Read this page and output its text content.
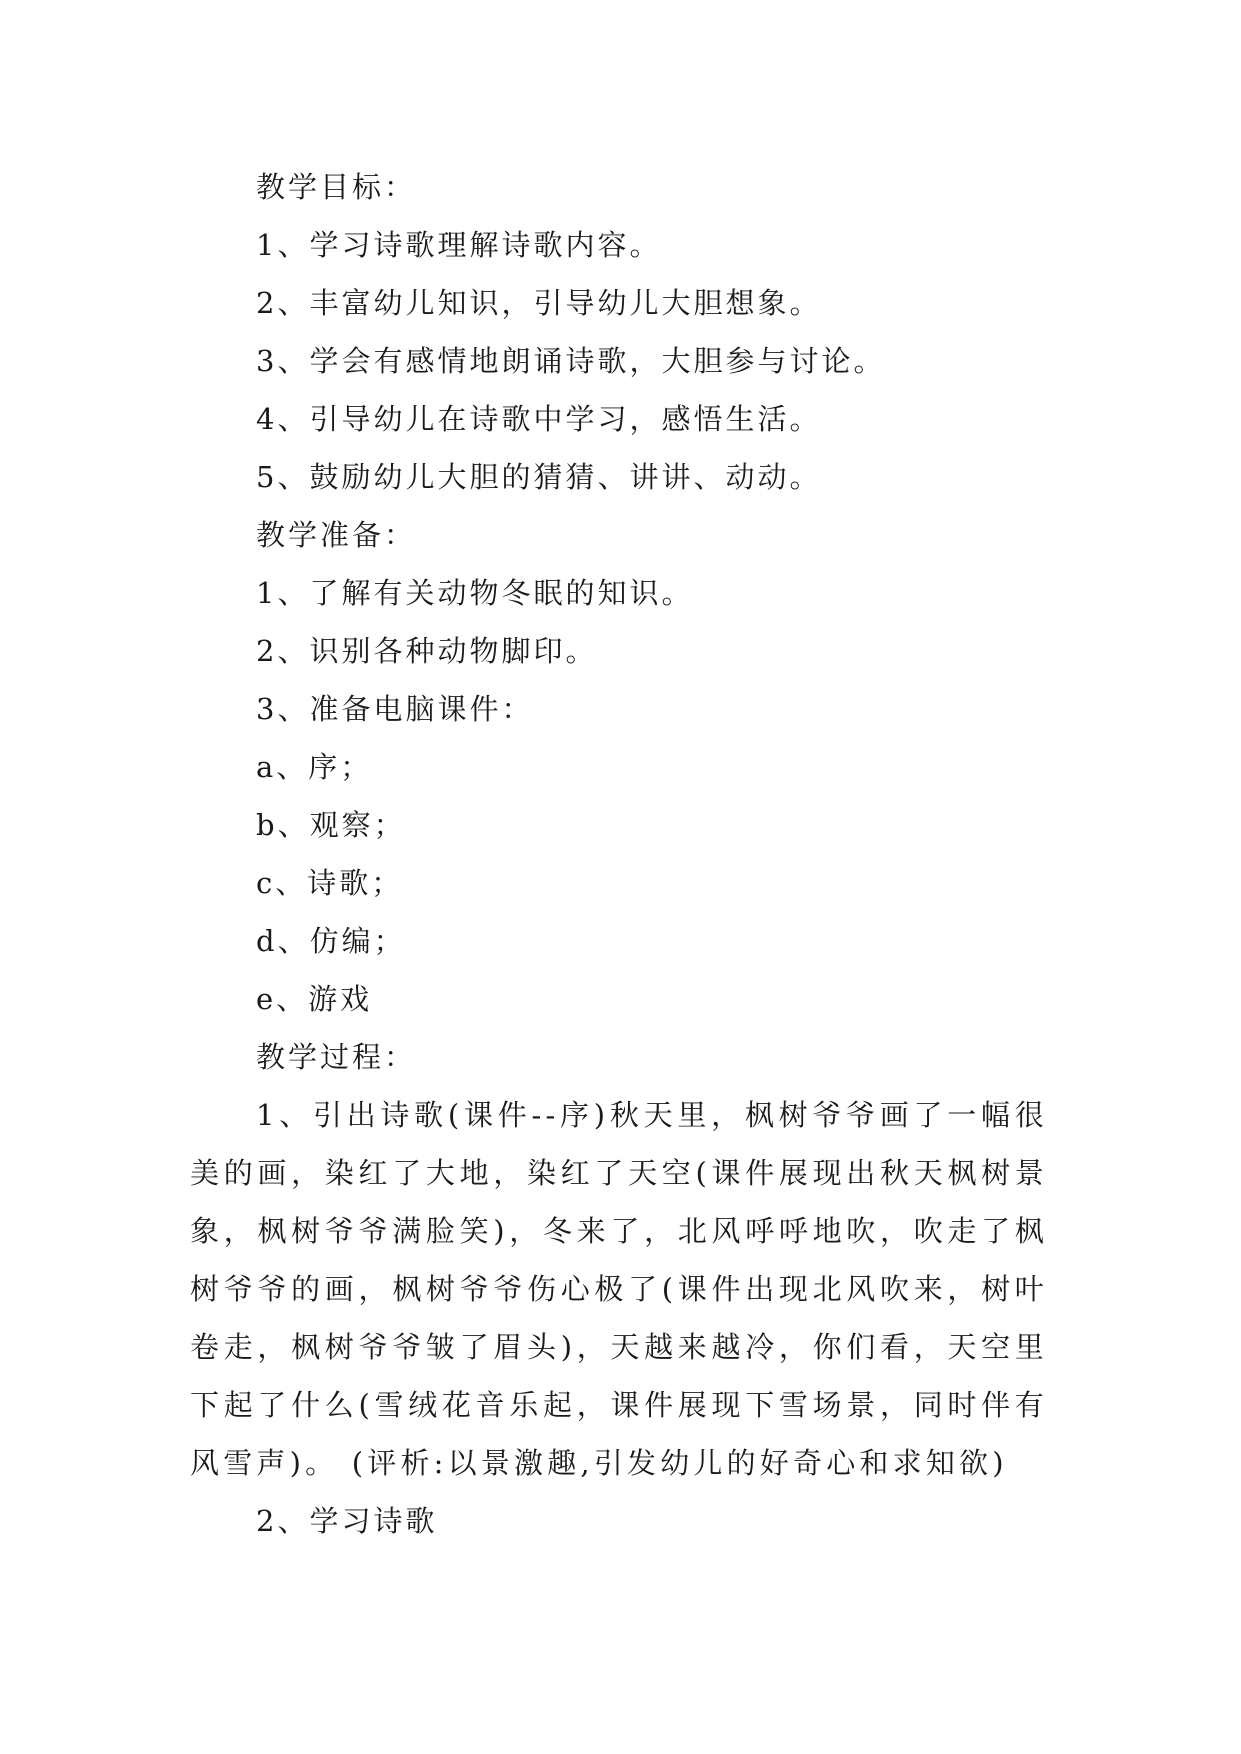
教学目标：
1、学习诗歌理解诗歌内容。
2、丰富幼儿知识，引导幼儿大胆想象。
3、学会有感情地朗诵诗歌，大胆参与讨论。
4、引导幼儿在诗歌中学习，感悟生活。
5、鼓励幼儿大胆的猜猜、讲讲、动动。
教学准备：
1、了解有关动物冬眠的知识。
2、识别各种动物脚印。
3、准备电脑课件：
a、序；
b、观察；
c、诗歌；
d、仿编；
e、游戏
教学过程：

1、引出诗歌(课件--序)秋天里，枫树爷爷画了一幅很美的画，染红了大地，染红了天空(课件展现出秋天枫树景象，枫树爷爷满脸笑)，冬来了，北风呼呼地吹，吹走了枫树爷爷的画，枫树爷爷伤心极了(课件出现北风吹来，树叶卷走，枫树爷爷皱了眉头)，天越来越冷，你们看，天空里下起了什么(雪绒花音乐起，课件展现下雪场景，同时伴有风雪声)。 (评析:以景激趣,引发幼儿的好奇心和求知欲)

2、学习诗歌
